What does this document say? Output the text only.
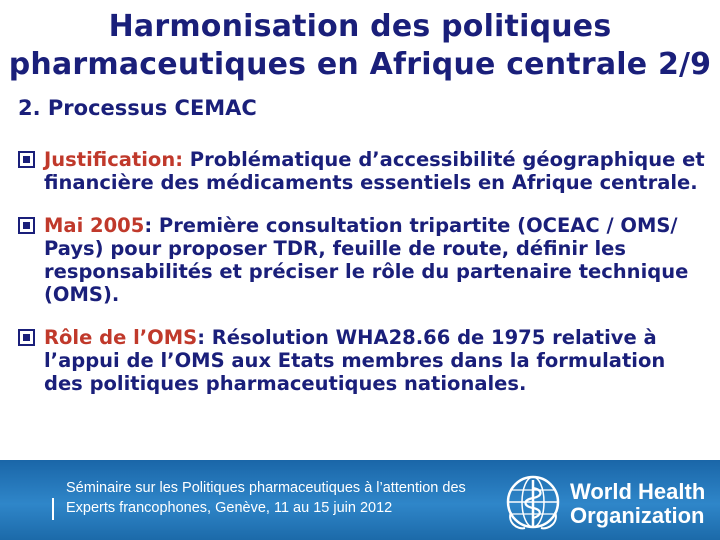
Harmonisation des politiques
pharmaceutiques en Afrique centrale 2/9
2. Processus CEMAC
Justification: Problématique d’accessibilité géographique et financière des médicaments essentiels en Afrique centrale.
Mai 2005: Première consultation tripartite (OCEAC / OMS/ Pays) pour proposer TDR, feuille de route, définir les responsabilités et préciser le rôle du partenaire technique (OMS).
Rôle de l’OMS: Résolution WHA28.66 de 1975 relative à l’appui de l’OMS aux Etats membres dans la formulation des politiques pharmaceutiques nationales.
Séminaire sur les Politiques pharmaceutiques à l’attention des
Experts francophones, Genève, 11 au 15 juin 2012
World Health
Organization
